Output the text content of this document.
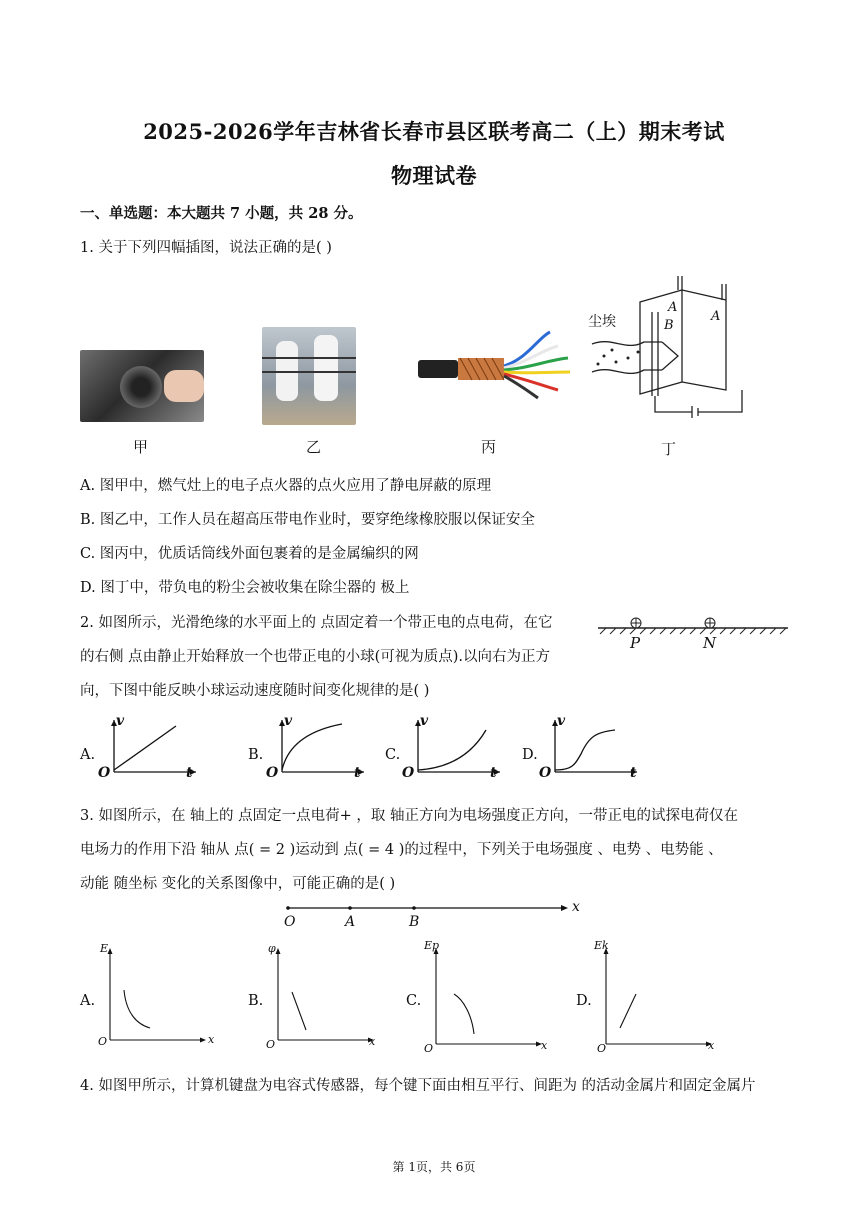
2025-2026学年吉林省长春市县区联考高二（上）期末考试
物理试卷
一、单选题：本大题共 7 小题，共 28 分。
1. 关于下列四幅插图，说法正确的是( )
尘埃
A
B
A
甲	乙	丙	丁
A. 图甲中，燃气灶上的电子点火器的点火应用了静电屏蔽的原理
B. 图乙中，工作人员在超高压带电作业时，要穿绝缘橡胶服以保证安全
C. 图丙中，优质话筒线外面包裹着的是金属编织的网
D. 图丁中，带负电的粉尘会被收集在除尘器的 极上
2. 如图所示，光滑绝缘的水平面上的 点固定着一个带正电的点电荷，在它
的右侧 点由静止开始释放一个也带正电的小球(可视为质点).以向右为正方
向，下图中能反映小球运动速度随时间变化规律的是( )
P	N
A.	B.	C.	D.
v	v	v	v
O	O	O	O
t	t	t	t
3. 如图所示，在 轴上的 点固定一点电荷+ ，取 轴正方向为电场强度正方向，一带正电的试探电荷仅在
电场力的作用下沿 轴从 点( = 2 )运动到 点( = 4 )的过程中，下列关于电场强度 、电势 、电势能 、
动能 随坐标 变化的关系图像中，可能正确的是( )
O	A	B
x
A.	B.	C.	D.
E	φ	Ep	Ek
O	O	O	O
x	x	x	x
4. 如图甲所示，计算机键盘为电容式传感器，每个键下面由相互平行、间距为 的活动金属片和固定金属片
第 1页，共 6页
